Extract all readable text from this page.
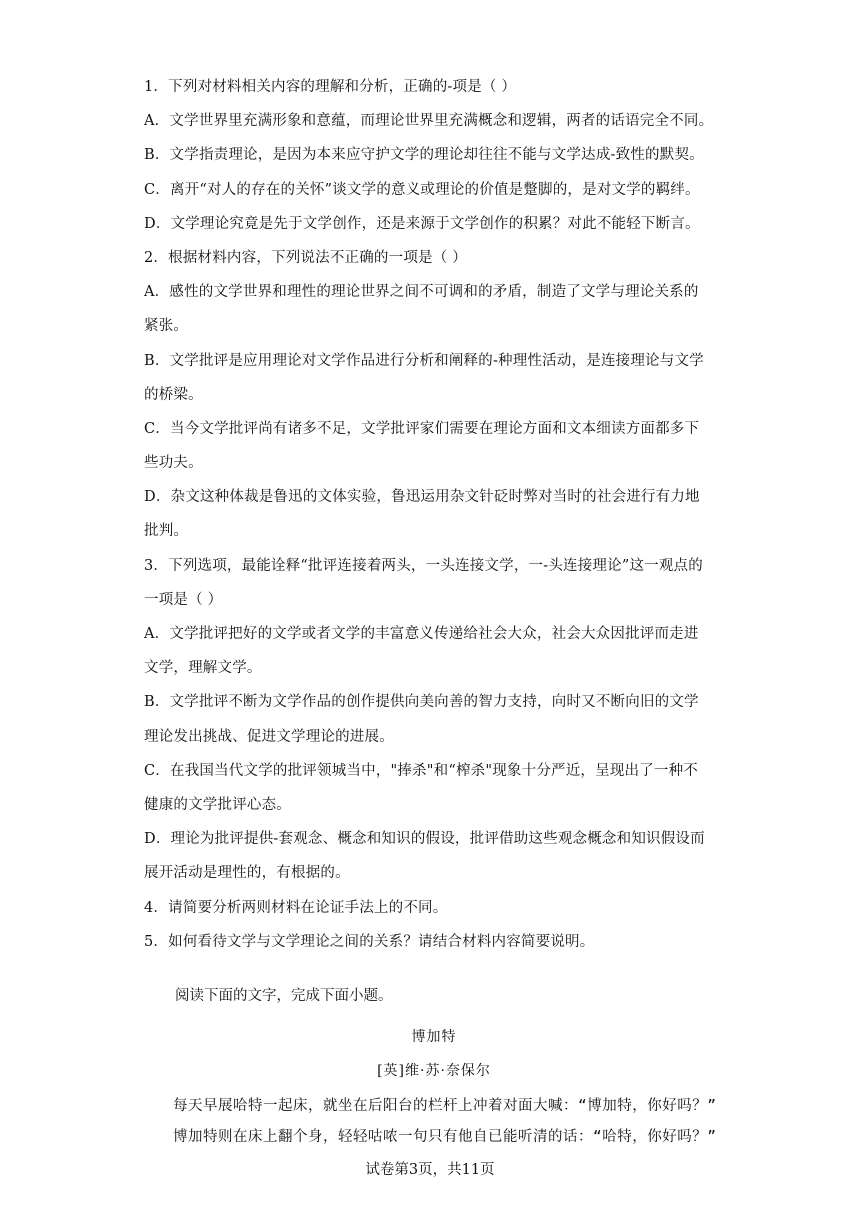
1．下列对材料相关内容的理解和分析，正确的-项是（ ）
A．文学世界里充满形象和意蕴，而理论世界里充满概念和逻辑，两者的话语完全不同。
B．文学指责理论，是因为本来应守护文学的理论却往往不能与文学达成-致性的默契。
C．离开“对人的存在的关怀”谈文学的意义或理论的价值是蹩脚的，是对文学的羁绊。
D．文学理论究竟是先于文学创作，还是来源于文学创作的积累？对此不能轻下断言。
2．根据材料内容，下列说法不正确的一项是（ ）
A．感性的文学世界和理性的理论世界之间不可调和的矛盾，制造了文学与理论关系的
紧张。
B．文学批评是应用理论对文学作品进行分析和阐释的-种理性活动，是连接理论与文学
的桥梁。
C．当今文学批评尚有诸多不足，文学批评家们需要在理论方面和文本细读方面都多下
些功夫。
D．杂文这种体裁是鲁迅的文体实验，鲁迅运用杂文针砭时弊对当时的社会进行有力地
批判。
3．下列选项，最能诠释“批评连接着两头，一头连接文学，一-头连接理论”这一观点的
一项是（ ）
A．文学批评把好的文学或者文学的丰富意义传递给社会大众，社会大众因批评而走进
文学，理解文学。
B．文学批评不断为文学作品的创作提供向美向善的智力支持，向时又不断向旧的文学
理论发出挑战、促进文学理论的进展。
C．在我国当代文学的批评领城当中，"捧杀"和“榨杀"现象十分严近，呈现出了一种不
健康的文学批评心态。
D．理论为批评提供-套观念、概念和知识的假设，批评借助这些观念概念和知识假设而
展开活动是理性的，有根据的。
4．请简要分析两则材料在论证手法上的不同。
5．如何看待文学与文学理论之间的关系？请结合材料内容简要说明。
阅读下面的文字，完成下面小题。
博加特
[英]维·苏·奈保尔
每天早展哈特一起床，就坐在后阳台的栏杆上冲着对面大喊：“博加特，你好吗？”
博加特则在床上翻个身，轻轻咕哝一句只有他自已能听清的话：“哈特，你好吗？”
试卷第3页，共11页
